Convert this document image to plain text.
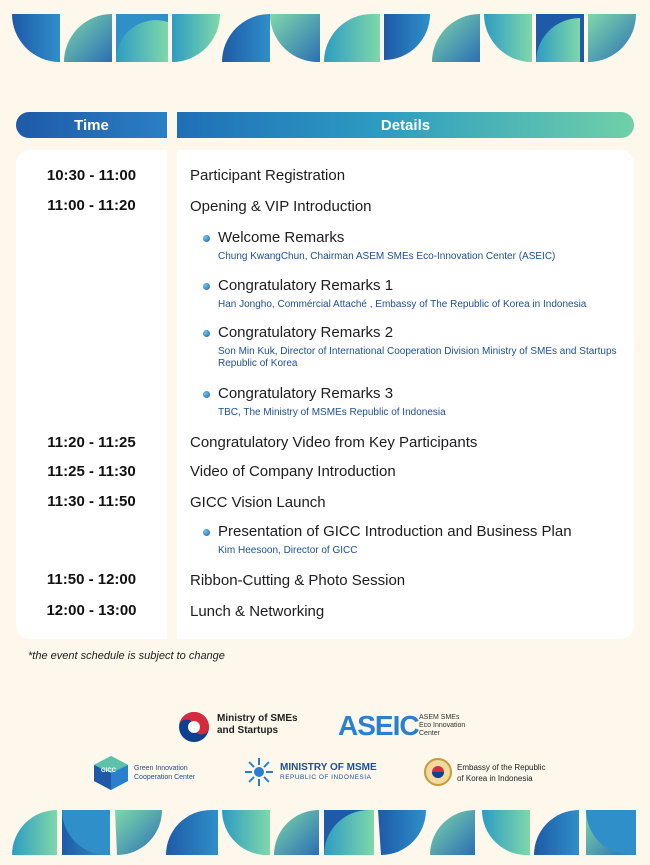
Time	Details
10:30 - 11:00	Participant Registration
11:00 - 11:20	Opening & VIP Introduction
Welcome Remarks
Chung KwangChun, Chairman ASEM SMEs Eco-Innovation Center (ASEIC)
Congratulatory Remarks 1
Han Jongho, Commércial Attaché , Embassy of The Republic of Korea in Indonesia
Congratulatory Remarks 2
Son Min Kuk, Director of International Cooperation Division Ministry of SMEs and Startups Republic of Korea
Congratulatory Remarks 3
TBC, The Ministry of MSMEs Republic of Indonesia
11:20 - 11:25	Congratulatory Video from Key Participants
11:25 - 11:30	Video of Company Introduction
11:30 - 11:50	GICC Vision Launch
Presentation of GICC Introduction and Business Plan
Kim Heesoon, Director of GICC
11:50 - 12:00	Ribbon-Cutting & Photo Session
12:00 - 13:00	Lunch & Networking
*the event schedule is subject to change
Ministry of SMEs
and Startups	ASEIC ASEM SMEs
Eco Innovation
Center
GICC	Green Innovation
Cooperation Center
MINISTRY OF MSME
REPUBLIC OF INDONESIA
Embassy of the Republic
of Korea in Indonesia
